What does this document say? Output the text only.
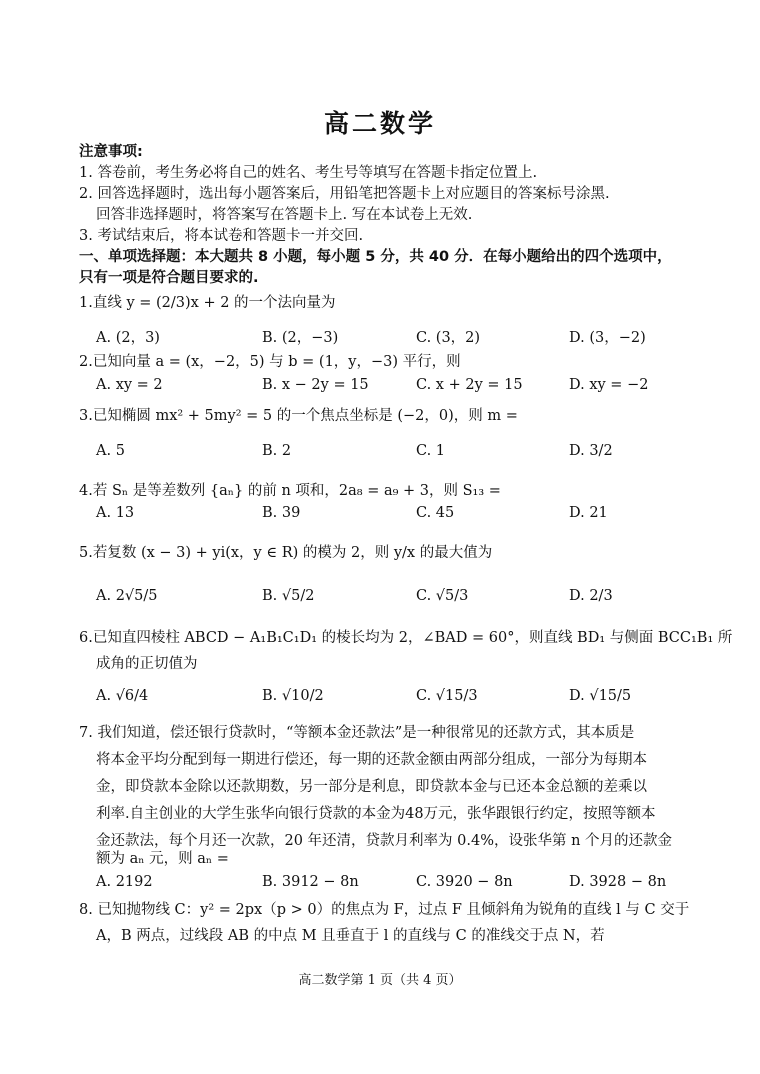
高二数学
注意事项:
1. 答卷前，考生务必将自己的姓名、考生号等填写在答题卡指定位置上.
2. 回答选择题时，选出每小题答案后，用铅笔把答题卡上对应题目的答案标号涂黑.
回答非选择题时，将答案写在答题卡上. 写在本试卷上无效.
3. 考试结束后，将本试卷和答题卡一并交回.
一、单项选择题：本大题共 8 小题，每小题 5 分，共 40 分．在每小题给出的四个选项中，
只有一项是符合题目要求的.
1.直线 y = (2/3)x + 2 的一个法向量为
A. (2，3)	B. (2，−3)	C. (3，2)	D. (3，−2)
2.已知向量 a = (x，−2，5) 与 b = (1，y，−3) 平行，则
A. xy = 2	B. x − 2y = 15	C. x + 2y = 15	D. xy = −2
3.已知椭圆 mx² + 5my² = 5 的一个焦点坐标是 (−2，0)，则 m =
A. 5	B. 2	C. 1	D. 3/2
4.若 Sₙ 是等差数列 {aₙ} 的前 n 项和，2a₈ = a₉ + 3，则 S₁₃ =
A. 13	B. 39	C. 45	D. 21
5.若复数 (x − 3) + yi(x，y ∈ R) 的模为 2，则 y/x 的最大值为
A. 2√5/5	B. √5/2	C. √5/3	D. 2/3
6.已知直四棱柱 ABCD − A₁B₁C₁D₁ 的棱长均为 2，∠BAD = 60°，则直线 BD₁ 与侧面 BCC₁B₁ 所
成角的正切值为
A. √6/4	B. √10/2	C. √15/3	D. √15/5
7. 我们知道，偿还银行贷款时，“等额本金还款法”是一种很常见的还款方式，其本质是
将本金平均分配到每一期进行偿还，每一期的还款金额由两部分组成，一部分为每期本
金，即贷款本金除以还款期数，另一部分是利息，即贷款本金与已还本金总额的差乘以
利率.自主创业的大学生张华向银行贷款的本金为48万元，张华跟银行约定，按照等额本
金还款法，每个月还一次款，20 年还清，贷款月利率为 0.4%，设张华第 n 个月的还款金
额为 aₙ 元，则 aₙ =
A. 2192	B. 3912 − 8n	C. 3920 − 8n	D. 3928 − 8n
8. 已知抛物线 C：y² = 2px（p > 0）的焦点为 F，过点 F 且倾斜角为锐角的直线 l 与 C 交于
A，B 两点，过线段 AB 的中点 M 且垂直于 l 的直线与 C 的准线交于点 N，若
高二数学第 1 页（共 4 页）
